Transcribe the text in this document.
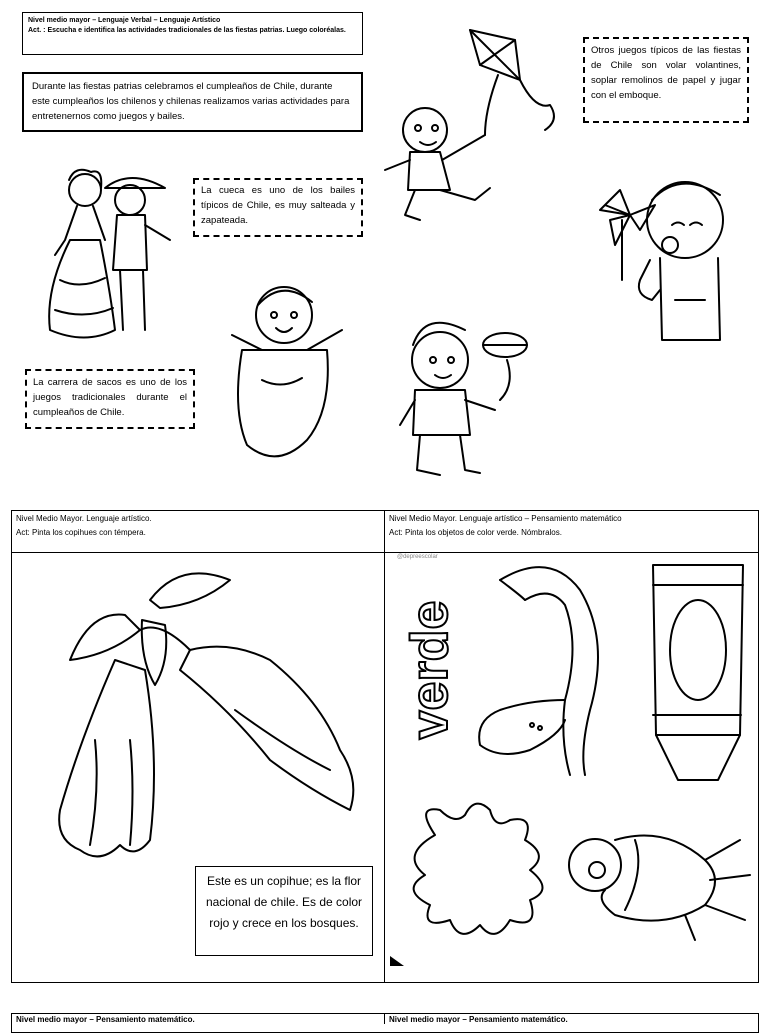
Nivel medio mayor – Lenguaje Verbal – Lenguaje Artístico
Act. : Escucha e identifica las actividades tradicionales de las fiestas patrias. Luego coloréalas.
Durante las fiestas patrias celebramos el cumpleaños de Chile, durante este cumpleaños los chilenos y chilenas realizamos varias actividades para entretenernos como juegos y bailes.
Otros juegos típicos de las fiestas de Chile son volar volantines, soplar remolinos de papel y jugar con el emboque.
La cueca es uno de los bailes típicos de Chile, es muy salteada y zapateada.
La carrera de sacos es uno de los juegos tradicionales durante el cumpleaños de Chile.
Nivel Medio Mayor. Lenguaje artístico.
Act: Pinta los copihues con témpera.
Nivel Medio Mayor. Lenguaje artístico – Pensamiento matemático
Act: Pinta los objetos de color verde. Nómbralos.
Este es un copihue; es la flor nacional de chile. Es de color rojo y crece en los bosques.
@depreescolar
verde
Nivel medio mayor – Pensamiento matemático.	Nivel medio mayor – Pensamiento matemático.
